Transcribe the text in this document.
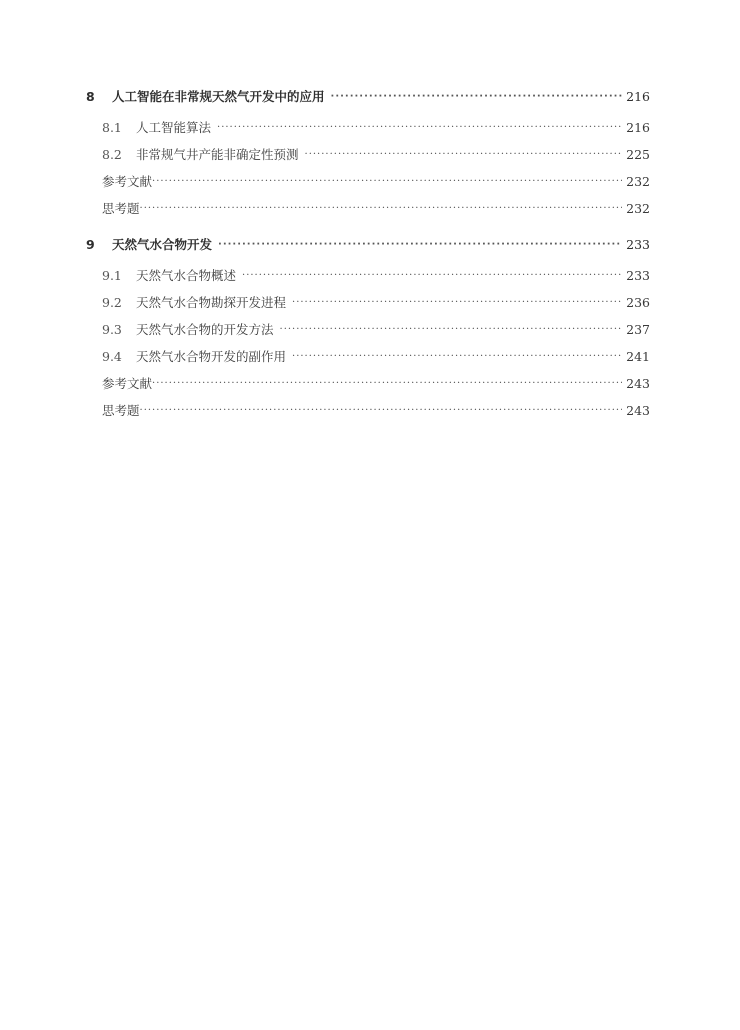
8	人工智能在非常规天然气开发中的应用 ·····	216
8.1	人工智能算法 ·····	216
8.2	非常规气井产能非确定性预测 ·····	225
参考文献 ·····	232
思考题 ·····	232
9	天然气水合物开发 ·····	233
9.1	天然气水合物概述 ·····	233
9.2	天然气水合物勘探开发进程 ·····	236
9.3	天然气水合物的开发方法 ·····	237
9.4	天然气水合物开发的副作用 ·····	241
参考文献 ·····	243
思考题 ·····	243
